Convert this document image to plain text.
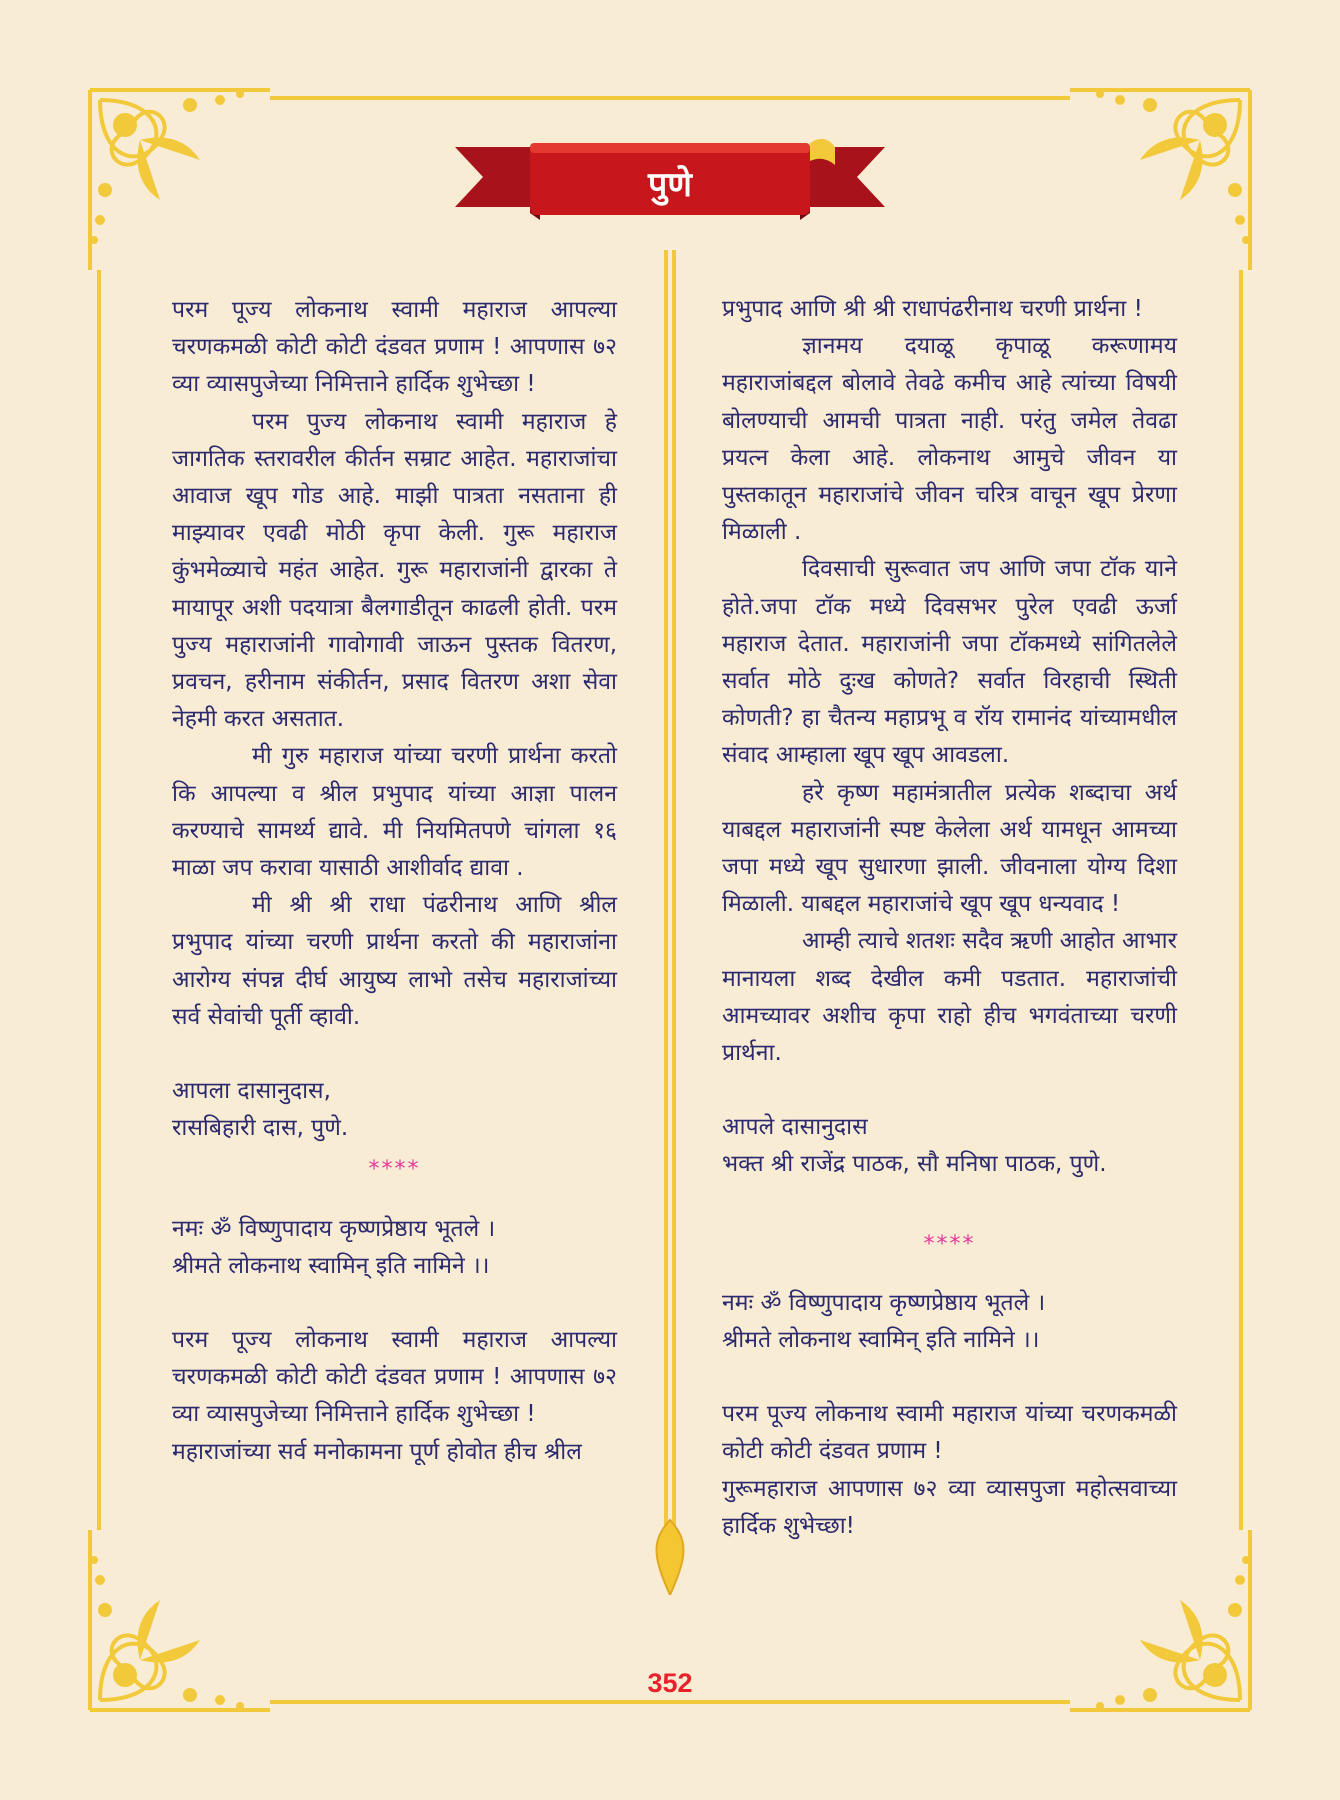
पुणे

परम पूज्य लोकनाथ स्वामी महाराज आपल्या चरणकमळी कोटी कोटी दंडवत प्रणाम ! आपणास ७२ व्या व्यासपुजेच्या निमित्ताने हार्दिक शुभेच्छा !

परम पुज्य लोकनाथ स्वामी महाराज हे जागतिक स्तरावरील कीर्तन सम्राट आहेत. महाराजांचा आवाज खूप गोड आहे. माझी पात्रता नसताना ही माझ्यावर एवढी मोठी कृपा केली. गुरू महाराज कुंभमेळ्याचे महंत आहेत. गुरू महाराजांनी द्वारका ते मायापूर अशी पदयात्रा बैलगाडीतून काढली होती. परम पुज्य महाराजांनी गावोगावी जाऊन पुस्तक वितरण, प्रवचन, हरीनाम संकीर्तन, प्रसाद वितरण अशा सेवा नेहमी करत असतात.

मी गुरु महाराज यांच्या चरणी प्रार्थना करतो कि आपल्या व श्रील प्रभुपाद यांच्या आज्ञा पालन करण्याचे सामर्थ्य द्यावे. मी नियमितपणे चांगला १६ माळा जप करावा यासाठी आशीर्वाद द्यावा .

मी श्री श्री राधा पंढरीनाथ आणि श्रील प्रभुपाद यांच्या चरणी प्रार्थना करतो की महाराजांना आरोग्य संपन्न दीर्घ आयुष्य लाभो तसेच महाराजांच्या सर्व सेवांची पूर्ती व्हावी.

आपला दासानुदास,

रासबिहारी दास, पुणे.

****

नमः ॐ विष्णुपादाय कृष्णप्रेष्ठाय भूतले ।

श्रीमते लोकनाथ स्वामिन् इति नामिने ।।

परम पूज्य लोकनाथ स्वामी महाराज आपल्या चरणकमळी कोटी कोटी दंडवत प्रणाम ! आपणास ७२ व्या व्यासपुजेच्या निमित्ताने हार्दिक शुभेच्छा !

महाराजांच्या सर्व मनोकामना पूर्ण होवोत हीच श्रील

प्रभुपाद आणि श्री श्री राधापंढरीनाथ चरणी प्रार्थना !

ज्ञानमय दयाळू कृपाळू करूणामय महाराजांबद्दल बोलावे तेवढे कमीच आहे त्यांच्या विषयी बोलण्याची आमची पात्रता नाही. परंतु जमेल तेवढा प्रयत्न केला आहे. लोकनाथ आमुचे जीवन या पुस्तकातून महाराजांचे जीवन चरित्र वाचून खूप प्रेरणा मिळाली .

दिवसाची सुरूवात जप आणि जपा टॉक याने होते.जपा टॉक मध्ये दिवसभर पुरेल एवढी ऊर्जा महाराज देतात. महाराजांनी जपा टॉकमध्ये सांगितलेले सर्वात मोठे दुःख कोणते? सर्वात विरहाची स्थिती कोणती? हा चैतन्य महाप्रभू व रॉय रामानंद यांच्यामधील संवाद आम्हाला खूप खूप आवडला.

हरे कृष्ण महामंत्रातील प्रत्येक शब्दाचा अर्थ याबद्दल महाराजांनी स्पष्ट केलेला अर्थ यामधून आमच्या जपा मध्ये खूप सुधारणा झाली. जीवनाला योग्य दिशा मिळाली. याबद्दल महाराजांचे खूप खूप धन्यवाद !

आम्ही त्याचे शतशः सदैव ऋणी आहोत आभार मानायला शब्द देखील कमी पडतात. महाराजांची आमच्यावर अशीच कृपा राहो हीच भगवंताच्या चरणी प्रार्थना.

आपले दासानुदास

भक्त श्री राजेंद्र पाठक, सौ मनिषा पाठक, पुणे.

****

नमः ॐ विष्णुपादाय कृष्णप्रेष्ठाय भूतले ।

श्रीमते लोकनाथ स्वामिन् इति नामिने ।।

परम पूज्य लोकनाथ स्वामी महाराज यांच्या चरणकमळी कोटी कोटी दंडवत प्रणाम !

गुरूमहाराज आपणास ७२ व्या व्यासपुजा महोत्सवाच्या हार्दिक शुभेच्छा!

352
